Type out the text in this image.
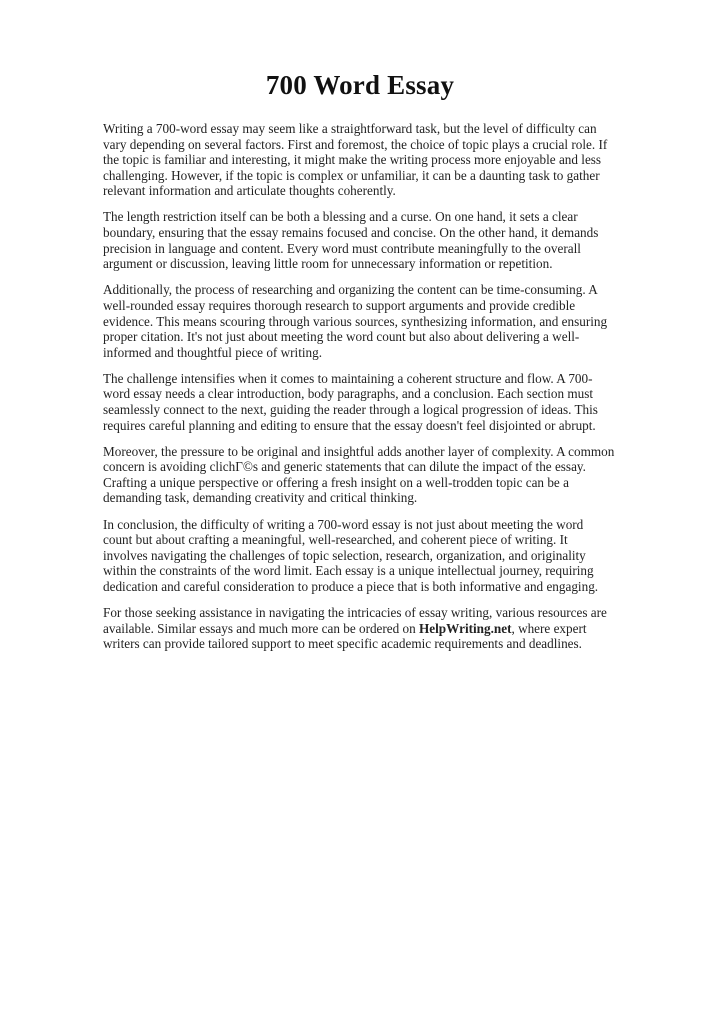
700 Word Essay

Writing a 700-word essay may seem like a straightforward task, but the level of difficulty can
vary depending on several factors. First and foremost, the choice of topic plays a crucial role. If
the topic is familiar and interesting, it might make the writing process more enjoyable and less
challenging. However, if the topic is complex or unfamiliar, it can be a daunting task to gather
relevant information and articulate thoughts coherently.

The length restriction itself can be both a blessing and a curse. On one hand, it sets a clear
boundary, ensuring that the essay remains focused and concise. On the other hand, it demands
precision in language and content. Every word must contribute meaningfully to the overall
argument or discussion, leaving little room for unnecessary information or repetition.

Additionally, the process of researching and organizing the content can be time-consuming. A
well-rounded essay requires thorough research to support arguments and provide credible
evidence. This means scouring through various sources, synthesizing information, and ensuring
proper citation. It's not just about meeting the word count but also about delivering a well-
informed and thoughtful piece of writing.

The challenge intensifies when it comes to maintaining a coherent structure and flow. A 700-
word essay needs a clear introduction, body paragraphs, and a conclusion. Each section must
seamlessly connect to the next, guiding the reader through a logical progression of ideas. This
requires careful planning and editing to ensure that the essay doesn't feel disjointed or abrupt.

Moreover, the pressure to be original and insightful adds another layer of complexity. A common
concern is avoiding clichГ©s and generic statements that can dilute the impact of the essay.
Crafting a unique perspective or offering a fresh insight on a well-trodden topic can be a
demanding task, demanding creativity and critical thinking.

In conclusion, the difficulty of writing a 700-word essay is not just about meeting the word
count but about crafting a meaningful, well-researched, and coherent piece of writing. It
involves navigating the challenges of topic selection, research, organization, and originality
within the constraints of the word limit. Each essay is a unique intellectual journey, requiring
dedication and careful consideration to produce a piece that is both informative and engaging.

For those seeking assistance in navigating the intricacies of essay writing, various resources are
available. Similar essays and much more can be ordered on HelpWriting.net, where expert
writers can provide tailored support to meet specific academic requirements and deadlines.
